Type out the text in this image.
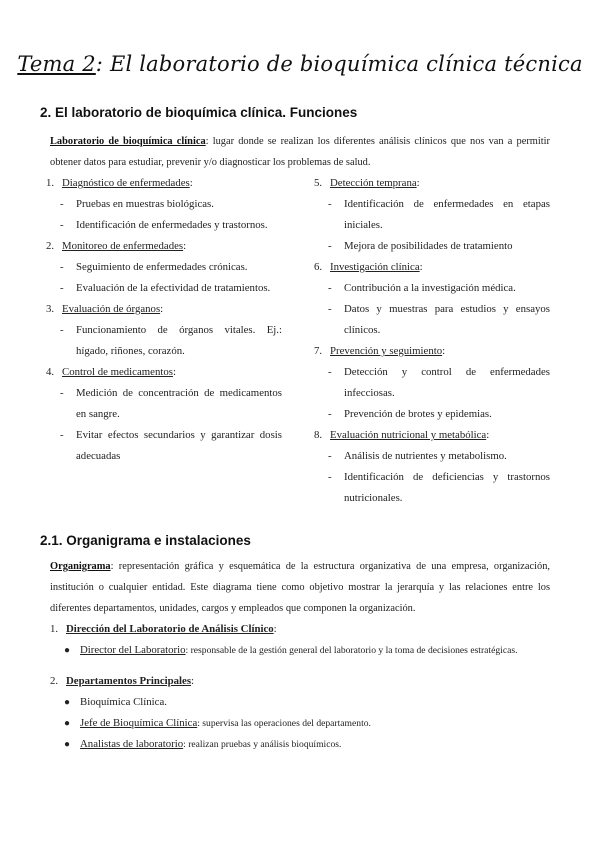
Tema 2: El laboratorio de bioquímica clínica técnica
2. El laboratorio de bioquímica clínica. Funciones
Laboratorio de bioquímica clínica: lugar donde se realizan los diferentes análisis clínicos que nos van a permitir obtener datos para estudiar, prevenir y/o diagnosticar los problemas de salud.
1. Diagnóstico de enfermedades:
-	Pruebas en muestras biológicas.
-	Identificación de enfermedades y trastornos.
2. Monitoreo de enfermedades:
-	Seguimiento de enfermedades crónicas.
-	Evaluación de la efectividad de tratamientos.
3. Evaluación de órganos:
-	Funcionamiento de órganos vitales. Ej.: hígado, riñones, corazón.
4. Control de medicamentos:
-	Medición de concentración de medicamentos en sangre.
-	Evitar efectos secundarios y garantizar dosis adecuadas
5. Detección temprana:
-	Identificación de enfermedades en etapas iniciales.
-	Mejora de posibilidades de tratamiento
6. Investigación clínica:
-	Contribución a la investigación médica.
-	Datos y muestras para estudios y ensayos clínicos.
7. Prevención y seguimiento:
-	Detección y control de enfermedades infecciosas.
-	Prevención de brotes y epidemias.
8. Evaluación nutricional y metabólica:
-	Análisis de nutrientes y metabolismo.
-	Identificación de deficiencias y trastornos nutricionales.
2.1. Organigrama e instalaciones
Organigrama: representación gráfica y esquemática de la estructura organizativa de una empresa, organización, institución o cualquier entidad. Este diagrama tiene como objetivo mostrar la jerarquía y las relaciones entre los diferentes departamentos, unidades, cargos y empleados que componen la organización.
1. Dirección del Laboratorio de Análisis Clínico:
● Director del Laboratorio: responsable de la gestión general del laboratorio y la toma de decisiones estratégicas.
2. Departamentos Principales:
● Bioquímica Clínica.
● Jefe de Bioquímica Clínica: supervisa las operaciones del departamento.
● Analistas de laboratorio: realizan pruebas y análisis bioquímicos.
